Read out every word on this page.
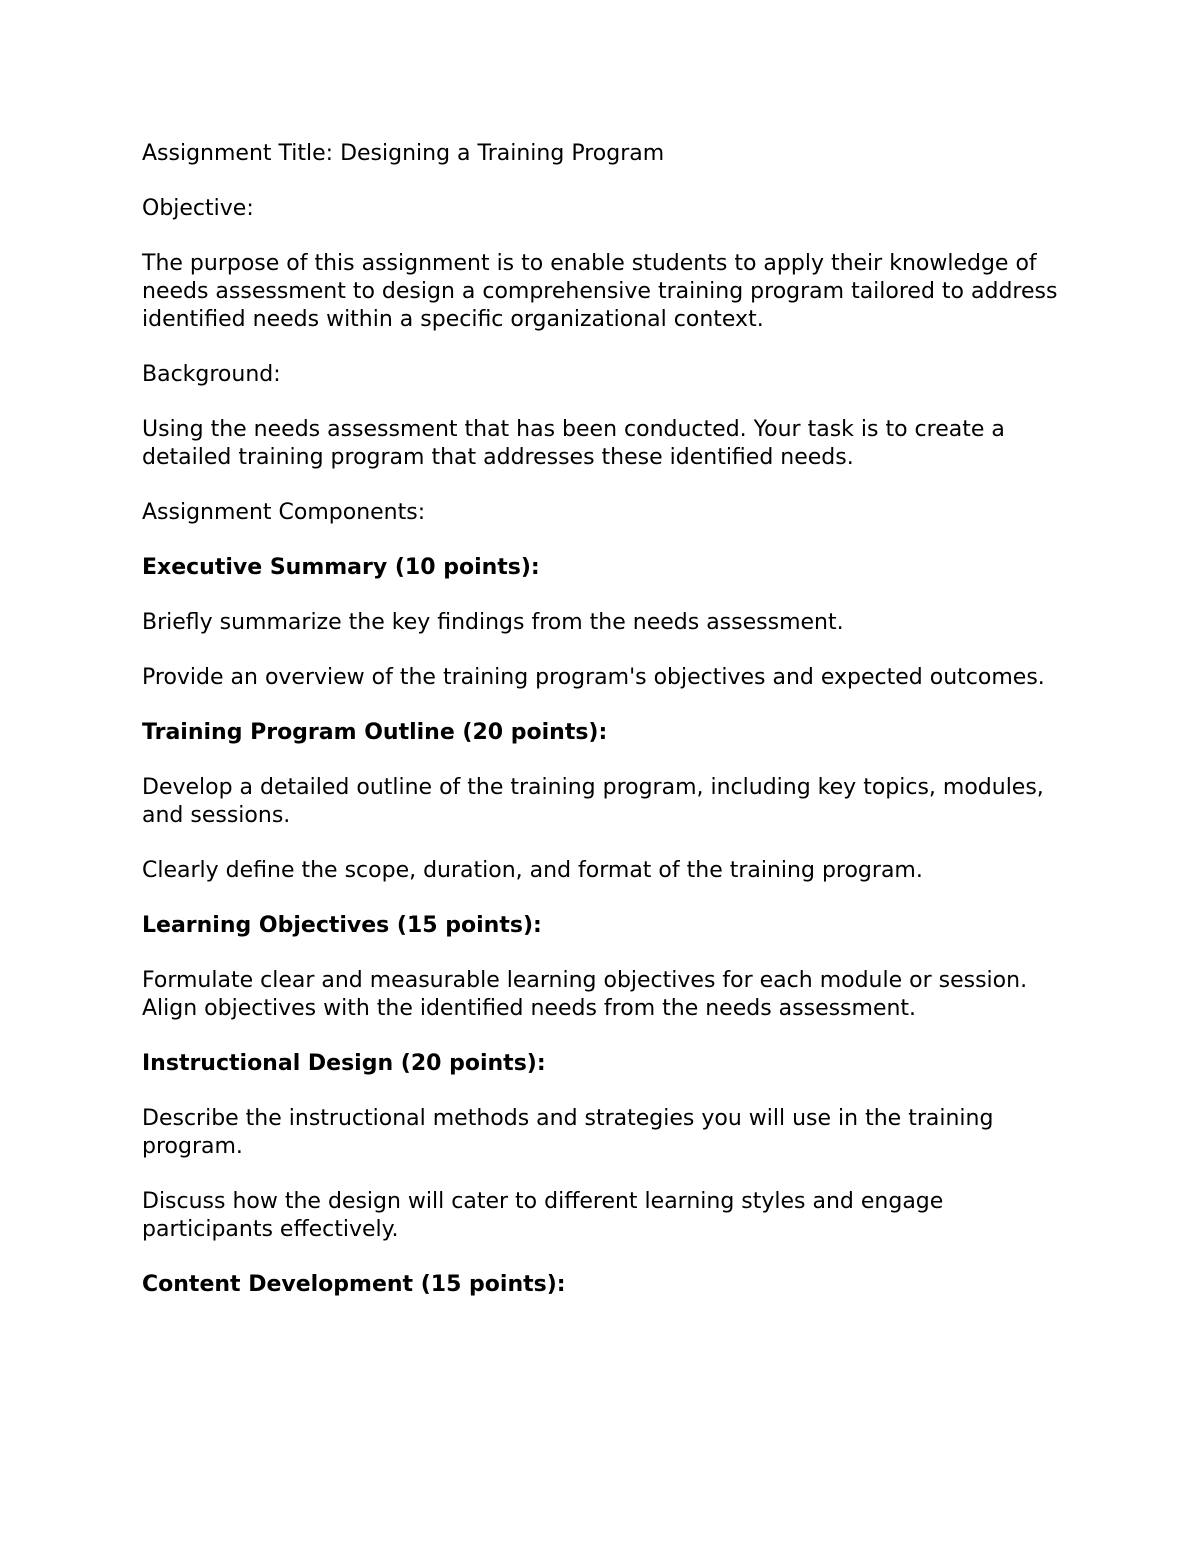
Assignment Title: Designing a Training Program

Objective:

The purpose of this assignment is to enable students to apply their knowledge of needs assessment to design a comprehensive training program tailored to address identified needs within a specific organizational context.

Background:

Using the needs assessment that has been conducted. Your task is to create a detailed training program that addresses these identified needs.

Assignment Components:

Executive Summary (10 points):

Briefly summarize the key findings from the needs assessment.

Provide an overview of the training program's objectives and expected outcomes.

Training Program Outline (20 points):

Develop a detailed outline of the training program, including key topics, modules, and sessions.

Clearly define the scope, duration, and format of the training program.

Learning Objectives (15 points):

Formulate clear and measurable learning objectives for each module or session. Align objectives with the identified needs from the needs assessment.

Instructional Design (20 points):

Describe the instructional methods and strategies you will use in the training program.

Discuss how the design will cater to different learning styles and engage participants effectively.

Content Development (15 points):
